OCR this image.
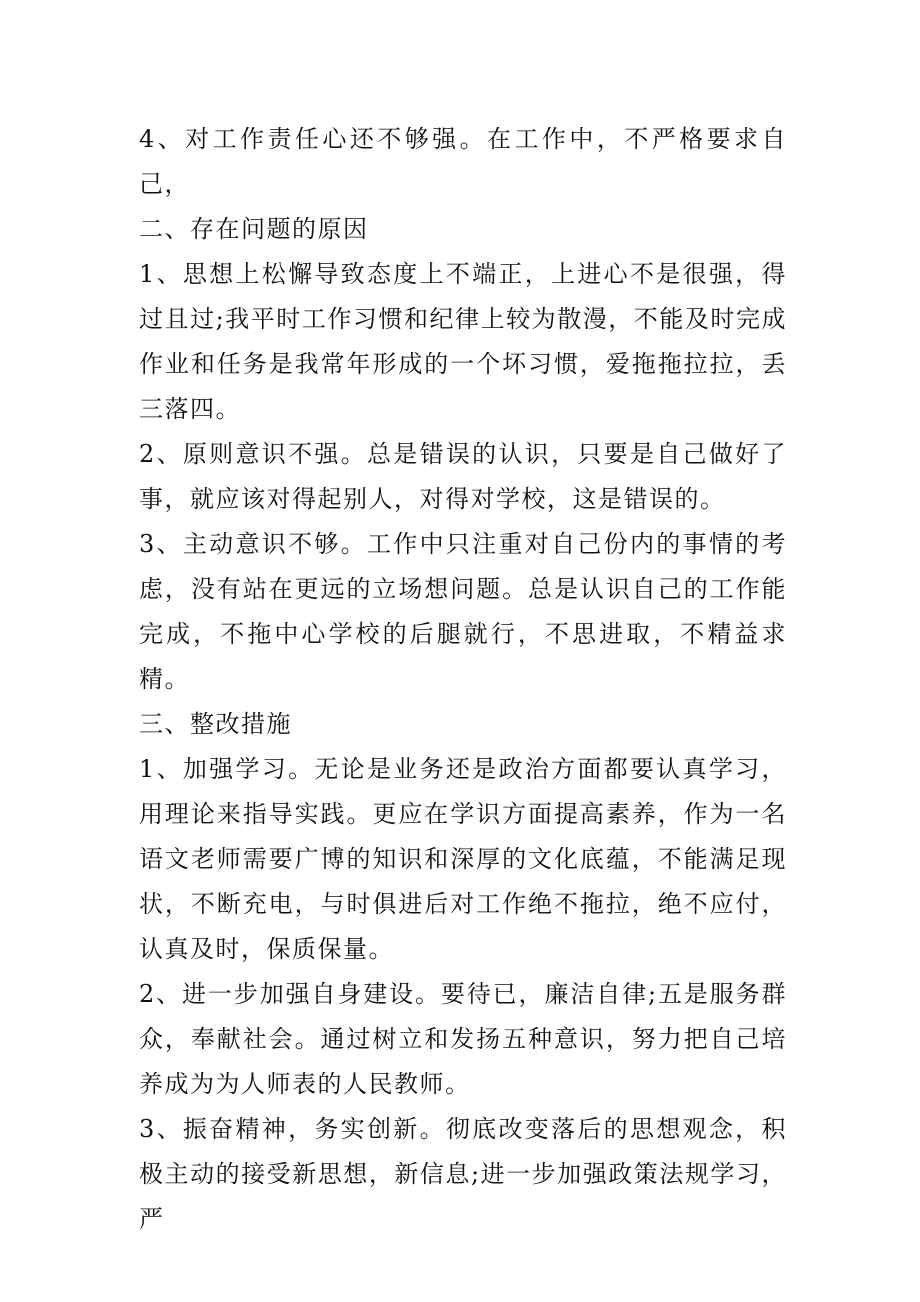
4、对工作责任心还不够强。在工作中，不严格要求自己，

二、存在问题的原因

1、思想上松懈导致态度上不端正，上进心不是很强，得过且过;我平时工作习惯和纪律上较为散漫，不能及时完成作业和任务是我常年形成的一个坏习惯，爱拖拖拉拉，丢三落四。

2、原则意识不强。总是错误的认识，只要是自己做好了事，就应该对得起别人，对得对学校，这是错误的。

3、主动意识不够。工作中只注重对自己份内的事情的考虑，没有站在更远的立场想问题。总是认识自己的工作能完成，不拖中心学校的后腿就行，不思进取，不精益求精。

三、整改措施

1、加强学习。无论是业务还是政治方面都要认真学习，用理论来指导实践。更应在学识方面提高素养，作为一名语文老师需要广博的知识和深厚的文化底蕴，不能满足现状，不断充电，与时俱进后对工作绝不拖拉，绝不应付，认真及时，保质保量。

2、进一步加强自身建设。要待已，廉洁自律;五是服务群众，奉献社会。通过树立和发扬五种意识，努力把自己培养成为为人师表的人民教师。

3、振奋精神，务实创新。彻底改变落后的思想观念，积极主动的接受新思想，新信息;进一步加强政策法规学习，严
